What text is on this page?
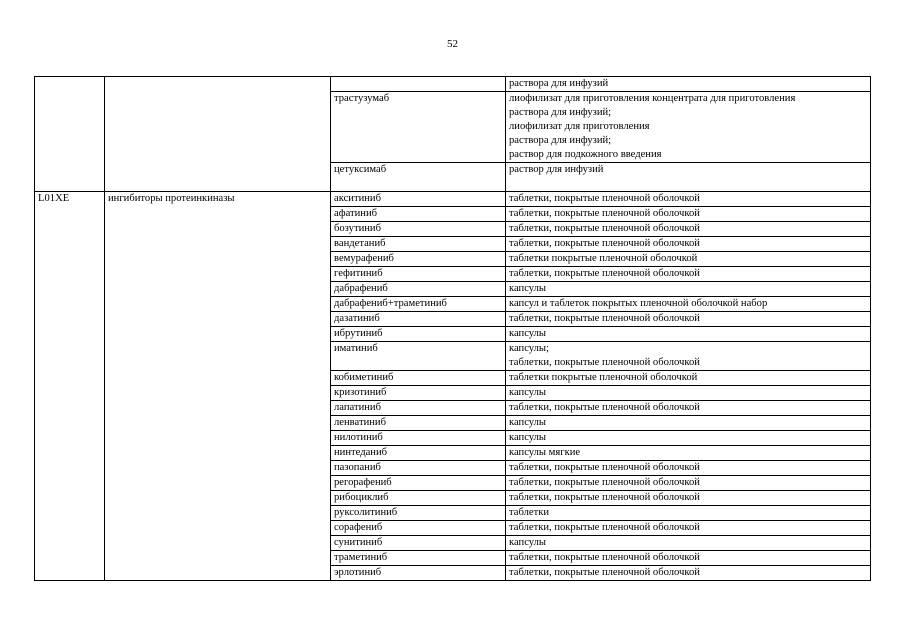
52

			раствора для инфузий

		трастузумаб	лиофилизат для приготовления концентрата для приготовления
раствора для инфузий;
лиофилизат для приготовления
раствора для инфузий;
раствор для подкожного введения

		цетуксимаб	раствор для инфузий

L01XE	ингибиторы протеинкиназы	акситиниб	таблетки, покрытые пленочной оболочкой

		афатиниб	таблетки, покрытые пленочной оболочкой

		бозутиниб	таблетки, покрытые пленочной оболочкой

		вандетаниб	таблетки, покрытые пленочной оболочкой

		вемурафениб	таблетки покрытые пленочной оболочкой

		гефитиниб	таблетки, покрытые пленочной оболочкой

		дабрафениб	капсулы

		дабрафениб+траметиниб	капсул и таблеток покрытых пленочной оболочкой набор

		дазатиниб	таблетки, покрытые пленочной оболочкой

		ибрутиниб	капсулы

		иматиниб	капсулы;
таблетки, покрытые пленочной оболочкой

		кобиметиниб	таблетки покрытые пленочной оболочкой

		кризотиниб	капсулы

		лапатиниб	таблетки, покрытые пленочной оболочкой

		ленватиниб	капсулы

		нилотиниб	капсулы

		нинтеданиб	капсулы мягкие

		пазопаниб	таблетки, покрытые пленочной оболочкой

		регорафениб	таблетки, покрытые пленочной оболочкой

		рибоциклиб	таблетки, покрытые пленочной оболочкой

		руксолитиниб	таблетки

		сорафениб	таблетки, покрытые пленочной оболочкой

		сунитиниб	капсулы

		траметиниб	таблетки, покрытые пленочной оболочкой

		эрлотиниб	таблетки, покрытые пленочной оболочкой
